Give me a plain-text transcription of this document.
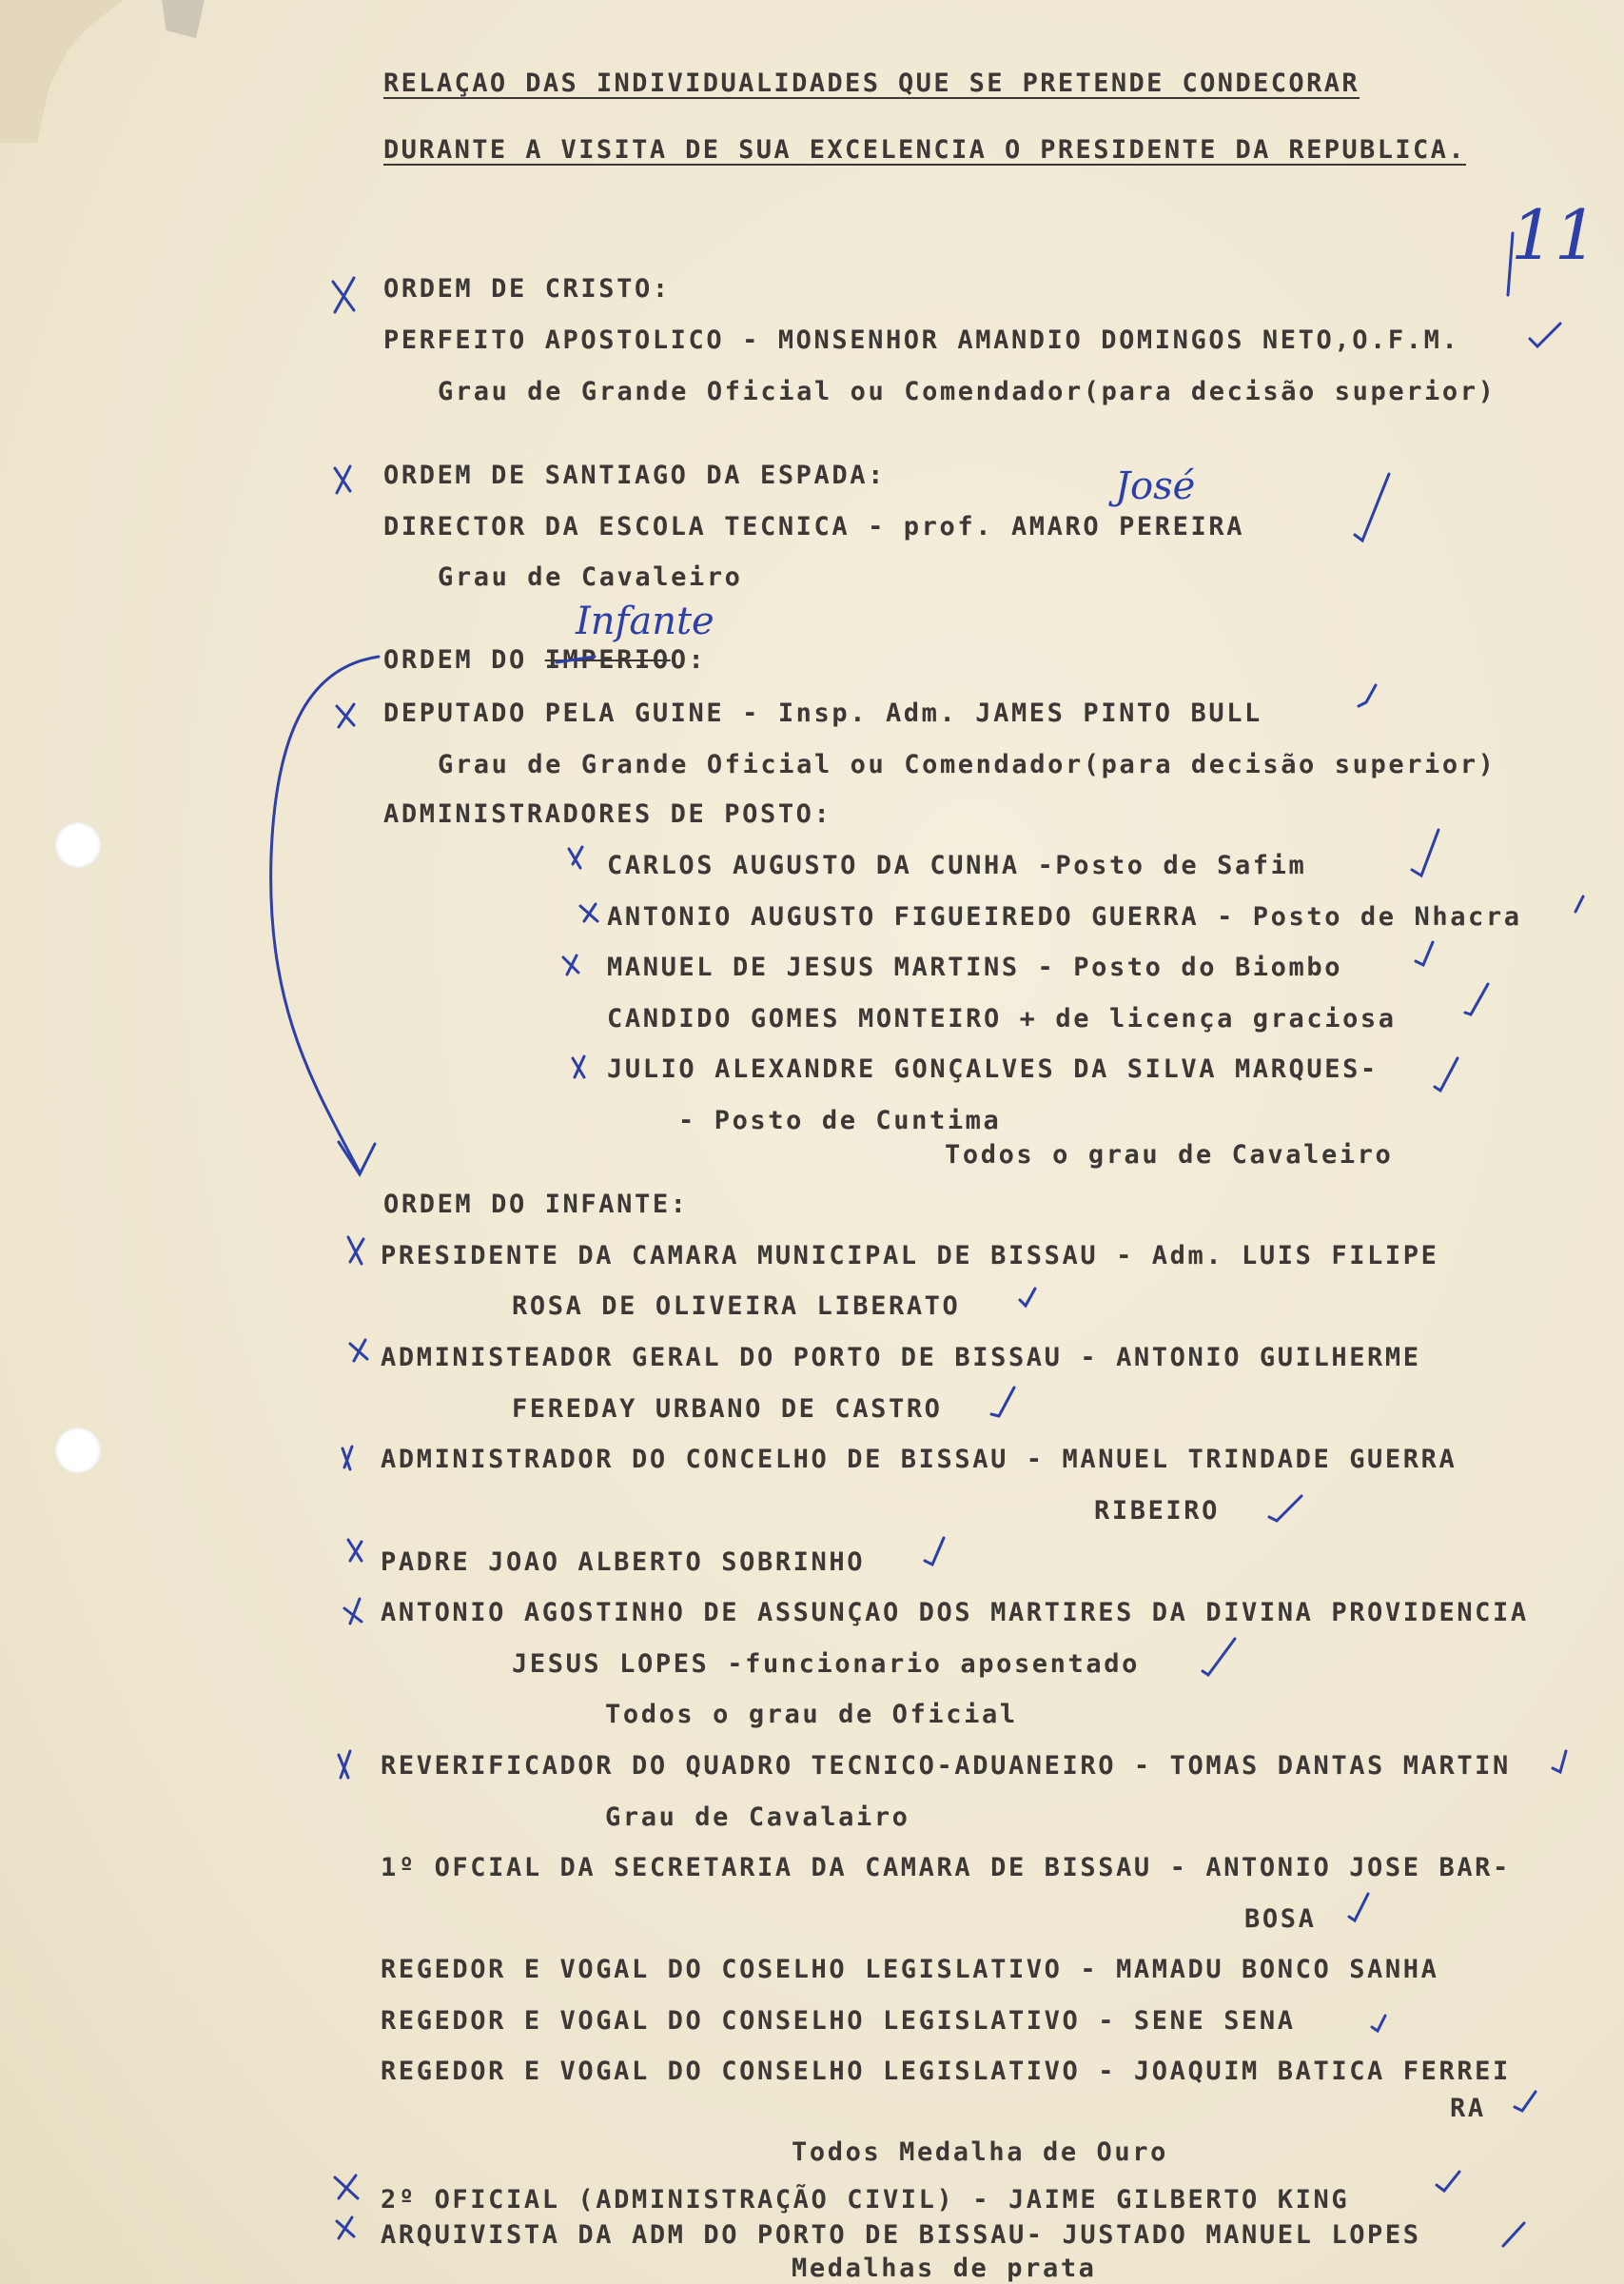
RELAÇAO DAS INDIVIDUALIDADES QUE SE PRETENDE CONDECORAR
DURANTE A VISITA DE SUA EXCELENCIA O PRESIDENTE DA REPUBLICA.
11
ORDEM DE CRISTO:
PERFEITO APOSTOLICO - MONSENHOR AMANDIO DOMINGOS NETO,O.F.M.
Grau de Grande Oficial ou Comendador(para decisão superior)
ORDEM DE SANTIAGO DA ESPADA:
DIRECTOR DA ESCOLA TECNICA - prof. AMARO PEREIRA
Grau de Cavaleiro
José
ORDEM DO IMPERIOO:
Infante
DEPUTADO PELA GUINE - Insp. Adm. JAMES PINTO BULL
Grau de Grande Oficial ou Comendador(para decisão superior)
ADMINISTRADORES DE POSTO:
CARLOS AUGUSTO DA CUNHA -Posto de Safim
ANTONIO AUGUSTO FIGUEIREDO GUERRA - Posto de Nhacra
MANUEL DE JESUS MARTINS - Posto do Biombo
CANDIDO GOMES MONTEIRO + de licença graciosa
JULIO ALEXANDRE GONÇALVES DA SILVA MARQUES-
- Posto de Cuntima
Todos o grau de Cavaleiro
ORDEM DO INFANTE:
PRESIDENTE DA CAMARA MUNICIPAL DE BISSAU - Adm. LUIS FILIPE
ROSA DE OLIVEIRA LIBERATO
ADMINISTEADOR GERAL DO PORTO DE BISSAU - ANTONIO GUILHERME
FEREDAY URBANO DE CASTRO
ADMINISTRADOR DO CONCELHO DE BISSAU - MANUEL TRINDADE GUERRA
RIBEIRO
PADRE JOAO ALBERTO SOBRINHO
ANTONIO AGOSTINHO DE ASSUNÇAO DOS MARTIRES DA DIVINA PROVIDENCIA
JESUS LOPES -funcionario aposentado
Todos o grau de Oficial
REVERIFICADOR DO QUADRO TECNICO-ADUANEIRO - TOMAS DANTAS MARTIN
Grau de Cavalairo
1º OFCIAL DA SECRETARIA DA CAMARA DE BISSAU - ANTONIO JOSE BAR-
BOSA
REGEDOR E VOGAL DO COSELHO LEGISLATIVO - MAMADU BONCO SANHA
REGEDOR E VOGAL DO CONSELHO LEGISLATIVO - SENE SENA
REGEDOR E VOGAL DO CONSELHO LEGISLATIVO - JOAQUIM BATICA FERREI
RA
Todos Medalha de Ouro
2º OFICIAL (ADMINISTRAÇÃO CIVIL) - JAIME GILBERTO KING
ARQUIVISTA DA ADM DO PORTO DE BISSAU- JUSTADO MANUEL LOPES
Medalhas de prata
